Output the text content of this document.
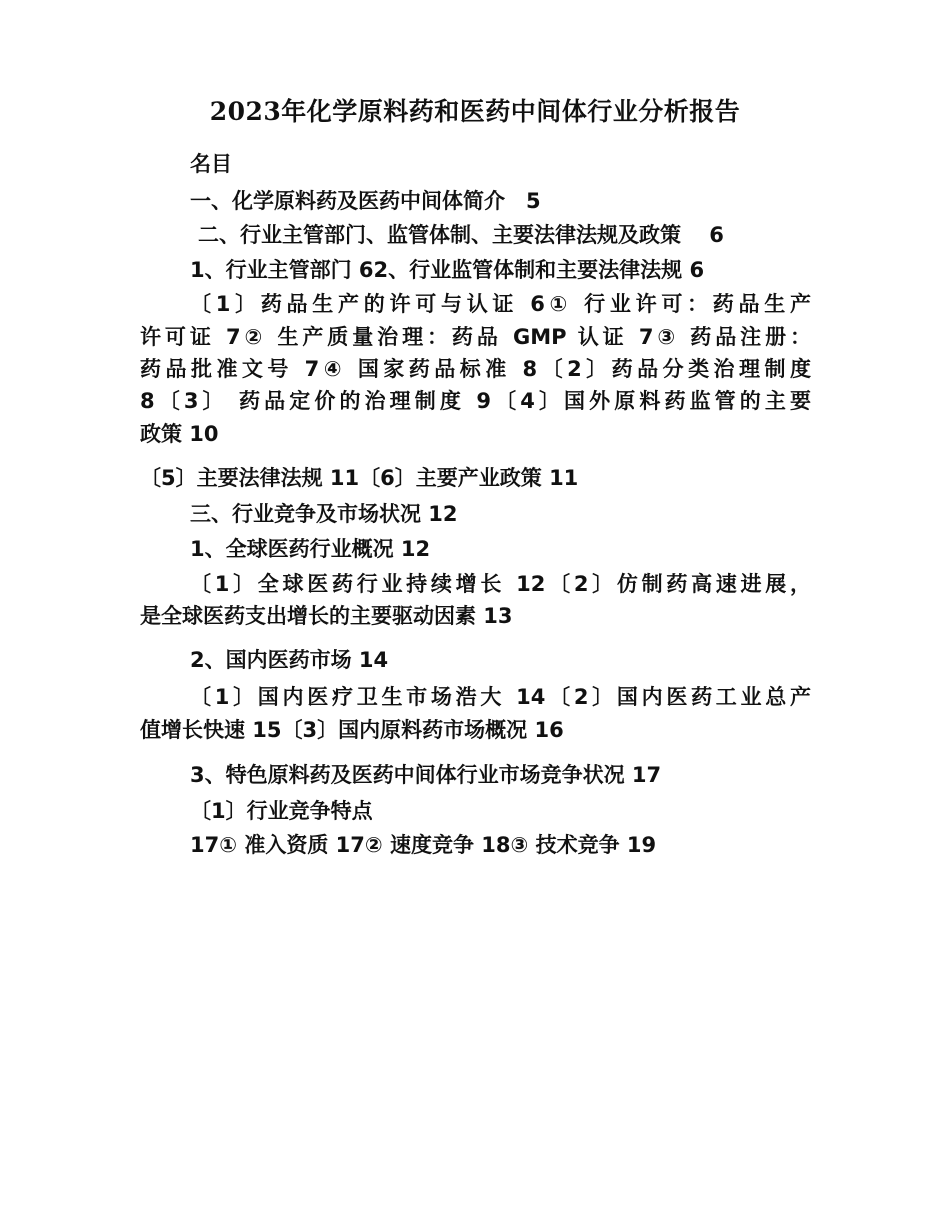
2023年化学原料药和医药中间体行业分析报告
名目
一、化学原料药及医药中间体简介　5
二、行业主管部门、监管体制、主要法律法规及政策　 6
1、行业主管部门 62、行业监管体制和主要法律法规 6
〔1〕药品生产的许可与认证 6① 行业许可：药品生产
许可证 7② 生产质量治理：药品 GMP 认证 7③ 药品注册：
药品批准文号 7④ 国家药品标准 8〔2〕药品分类治理制度
8〔3〕 药品定价的治理制度 9〔4〕国外原料药监管的主要
政策 10
〔5〕主要法律法规 11〔6〕主要产业政策 11
三、行业竞争及市场状况 12
1、全球医药行业概况 12
〔1〕全球医药行业持续增长 12〔2〕仿制药高速进展，
是全球医药支出增长的主要驱动因素 13
2、国内医药市场 14
〔1〕国内医疗卫生市场浩大 14〔2〕国内医药工业总产
值增长快速 15〔3〕国内原料药市场概况 16
3、特色原料药及医药中间体行业市场竞争状况 17
〔1〕行业竞争特点
17① 准入资质 17② 速度竞争 18③ 技术竞争 19
